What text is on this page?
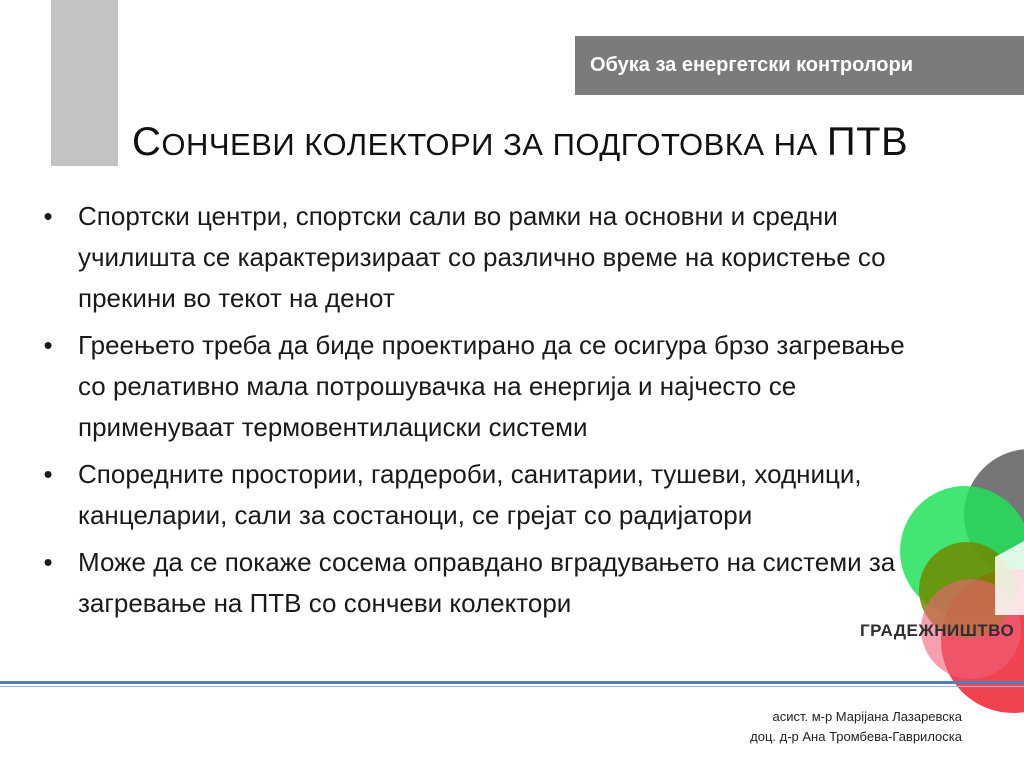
Обука за енергетски контролори
СОНЧЕВИ КОЛЕКТОРИ ЗА ПОДГОТОВКА НА ПТВ
• Спортски центри, спортски сали во рамки на основни и средни училишта се карактеризираат со различно време на користење со прекини во текот на денот
• Греењето треба да биде проектирано да се осигура брзо загревање со релативно мала потрошувачка на енергија и најчесто се применуваат термовентилациски системи
• Споредните простории, гардероби, санитарии, тушеви, ходници, канцеларии, сали за состаноци, се грејат со радијатори
• Може да се покаже сосема оправдано вградувањето на системи за загревање на ПТВ со сончеви колектори
ГРАДЕЖНИШТВО
асист. м-р Марijана Лазаревска
доц. д-р Ана Тромбева-Гаврилоска
